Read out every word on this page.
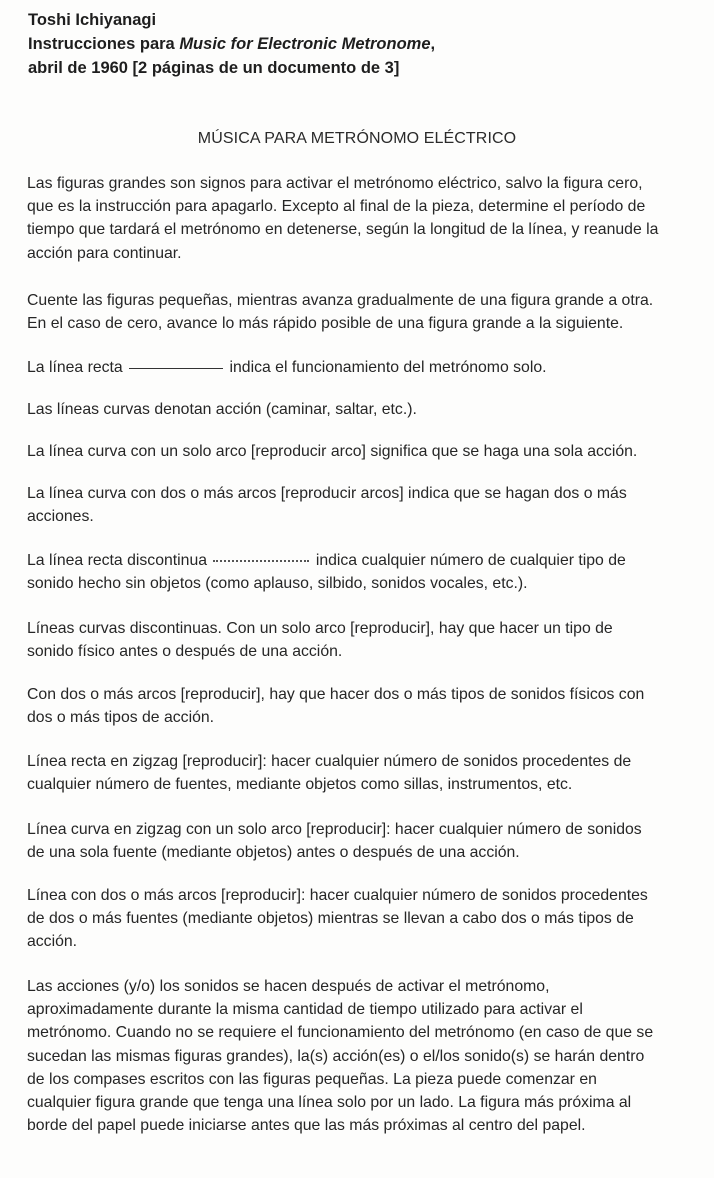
Toshi Ichiyanagi
Instrucciones para Music for Electronic Metronome,
abril de 1960 [2 páginas de un documento de 3]
MÚSICA PARA METRÓNOMO ELÉCTRICO

Las figuras grandes son signos para activar el metrónomo eléctrico, salvo la figura cero,
que es la instrucción para apagarlo. Excepto al final de la pieza, determine el período de
tiempo que tardará el metrónomo en detenerse, según la longitud de la línea, y reanude la
acción para continuar.

Cuente las figuras pequeñas, mientras avanza gradualmente de una figura grande a otra.
En el caso de cero, avance lo más rápido posible de una figura grande a la siguiente.

La línea recta	indica el funcionamiento del metrónomo solo.

Las líneas curvas denotan acción (caminar, saltar, etc.).

La línea curva con un solo arco [reproducir arco] significa que se haga una sola acción.

La línea curva con dos o más arcos [reproducir arcos] indica que se hagan dos o más
acciones.

La línea recta discontinua	indica cualquier número de cualquier tipo de
sonido hecho sin objetos (como aplauso, silbido, sonidos vocales, etc.).

Líneas curvas discontinuas. Con un solo arco [reproducir], hay que hacer un tipo de
sonido físico antes o después de una acción.

Con dos o más arcos [reproducir], hay que hacer dos o más tipos de sonidos físicos con
dos o más tipos de acción.

Línea recta en zigzag [reproducir]: hacer cualquier número de sonidos procedentes de
cualquier número de fuentes, mediante objetos como sillas, instrumentos, etc.

Línea curva en zigzag con un solo arco [reproducir]: hacer cualquier número de sonidos
de una sola fuente (mediante objetos) antes o después de una acción.

Línea con dos o más arcos [reproducir]: hacer cualquier número de sonidos procedentes
de dos o más fuentes (mediante objetos) mientras se llevan a cabo dos o más tipos de
acción.

Las acciones (y/o) los sonidos se hacen después de activar el metrónomo,
aproximadamente durante la misma cantidad de tiempo utilizado para activar el
metrónomo. Cuando no se requiere el funcionamiento del metrónomo (en caso de que se
sucedan las mismas figuras grandes), la(s) acción(es) o el/los sonido(s) se harán dentro
de los compases escritos con las figuras pequeñas. La pieza puede comenzar en
cualquier figura grande que tenga una línea solo por un lado. La figura más próxima al
borde del papel puede iniciarse antes que las más próximas al centro del papel.
